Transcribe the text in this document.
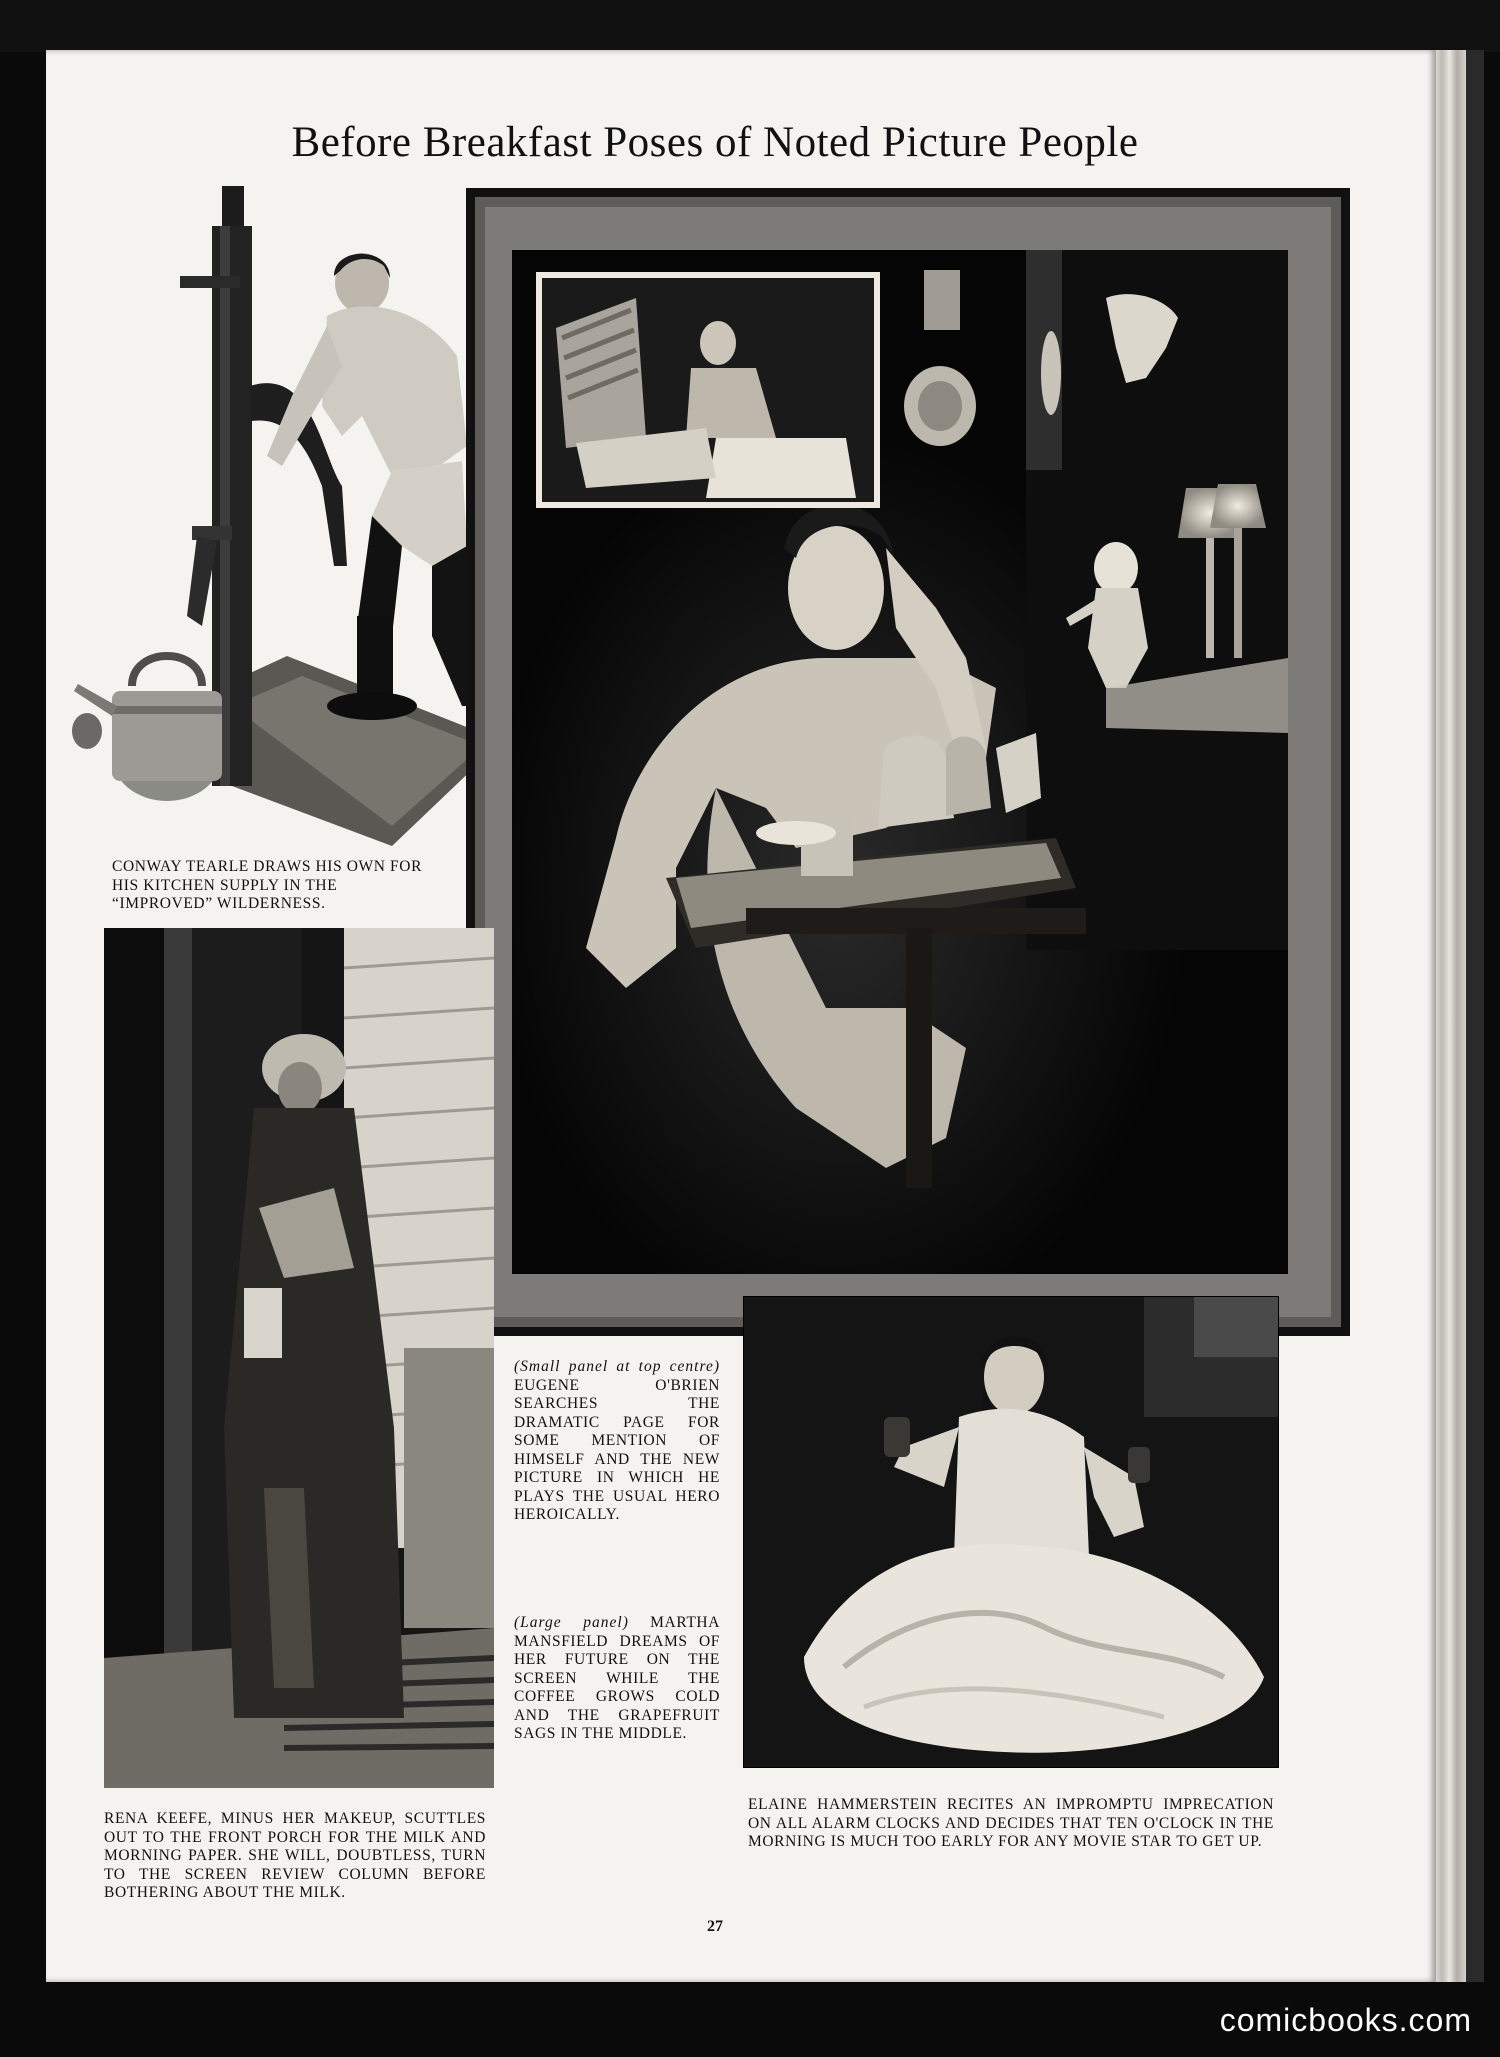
Before Breakfast Poses of Noted Picture People
CONWAY TEARLE DRAWS HIS OWN FOR HIS KITCHEN SUPPLY IN THE “IMPROVED” WILDERNESS.
RENA KEEFE, MINUS HER MAKEUP, SCUTTLES OUT TO THE FRONT PORCH FOR THE MILK AND MORNING PAPER. SHE WILL, DOUBTLESS, TURN TO THE SCREEN REVIEW COLUMN BEFORE BOTHERING ABOUT THE MILK.
(Small panel at top centre) EUGENE O'BRIEN SEARCHES THE DRAMATIC PAGE FOR SOME MENTION OF HIMSELF AND THE NEW PICTURE IN WHICH HE PLAYS THE USUAL HERO HEROICALLY.
(Large panel) MARTHA MANSFIELD DREAMS OF HER FUTURE ON THE SCREEN WHILE THE COFFEE GROWS COLD AND THE GRAPEFRUIT SAGS IN THE MIDDLE.
ELAINE HAMMERSTEIN RECITES AN IMPROMPTU IMPRECATION ON ALL ALARM CLOCKS AND DECIDES THAT TEN O'CLOCK IN THE MORNING IS MUCH TOO EARLY FOR ANY MOVIE STAR TO GET UP.
27
comicbooks.com
